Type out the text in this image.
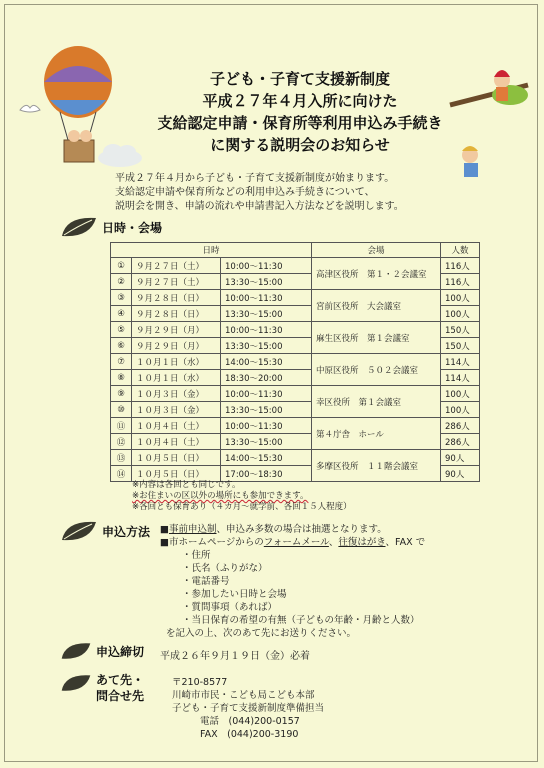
子ども・子育て支援新制度
平成２７年４月入所に向けた
支給認定申請・保育所等利用申込み手続き
に関する説明会のお知らせ
平成２７年４月から子ども・子育て支援新制度が始まります。
支給認定申請や保育所などの利用申込み手続きについて、
説明会を開き、申請の流れや申請書記入方法などを説明します。
日時・会場
日時			会場	人数
①	９月２７日（土）	10:00～11:30	高津区役所　第１・２会議室	116人
②	９月２７日（土）	13:30～15:00		116人
③	９月２８日（日）	10:00～11:30	宮前区役所　大会議室	100人
④	９月２８日（日）	13:30～15:00		100人
⑤	９月２９日（月）	10:00～11:30	麻生区役所　第１会議室	150人
⑥	９月２９日（月）	13:30～15:00		150人
⑦	１０月１日（水）	14:00～15:30	中原区役所　５０２会議室	114人
⑧	１０月１日（水）	18:30～20:00		114人
⑨	１０月３日（金）	10:00～11:30	幸区役所　第１会議室	100人
⑩	１０月３日（金）	13:30～15:00		100人
⑪	１０月４日（土）	10:00～11:30	第４庁舎　ホール	286人
⑫	１０月４日（土）	13:30～15:00		286人
⑬	１０月５日（日）	14:00～15:30	多摩区役所　１１階会議室	90人
⑭	１０月５日（日）	17:00～18:30		90人
※内容は各回とも同じです。
※お住まいの区以外の場所にも参加できます。
※各回とも保育あり（４カ月～就学前、各回１５人程度）
申込方法 ■事前申込制、申込み多数の場合は抽選となります。
■市ホームページからのフォームメール、往復はがき、FAX で
・住所
・氏名（ふりがな）
・電話番号
・参加したい日時と会場
・質問事項（あれば）
・当日保育の希望の有無（子どもの年齢・月齢と人数）
を記入の上、次のあて先にお送りください。
申込締切 平成２６年９月１９日（金）必着
あて先・
問合せ先
〒210-8577
川崎市市民・こども局こども本部
子ども・子育て支援新制度準備担当
電話　 (044)200-0157
FAX　 (044)200-3190
